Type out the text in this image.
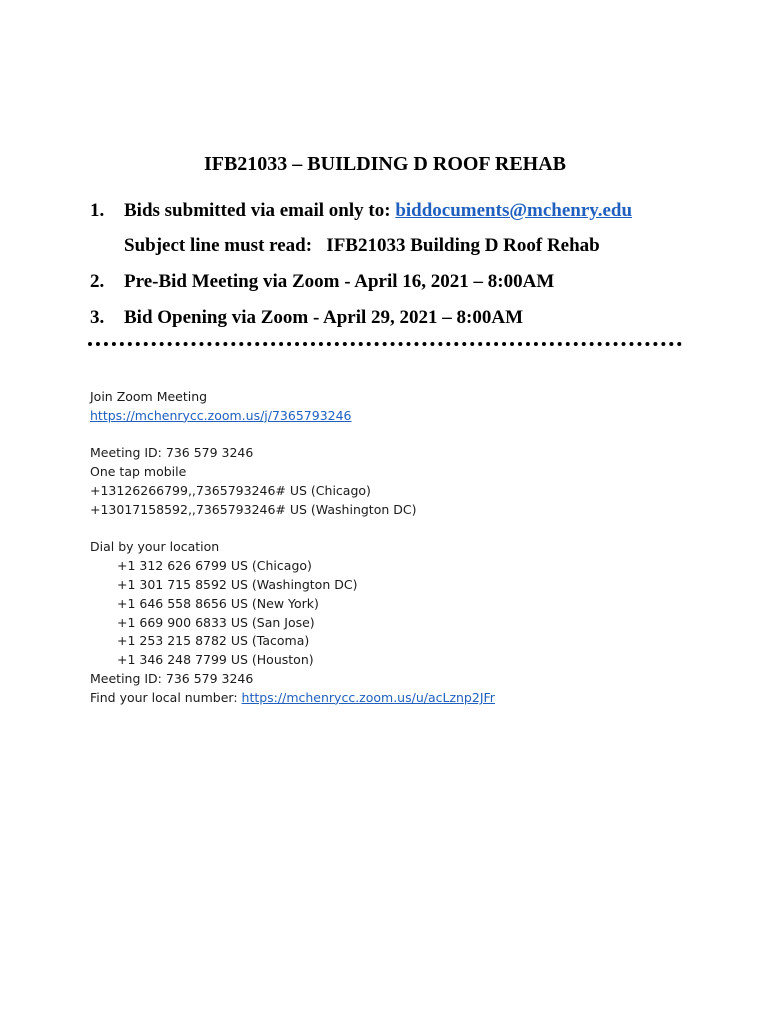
IFB21033 – BUILDING D ROOF REHAB
1.	Bids submitted via email only to: biddocuments@mchenry.edu
Subject line must read:   IFB21033 Building D Roof Rehab
2.	Pre-Bid Meeting via Zoom - April 16, 2021 – 8:00AM
3.	Bid Opening via Zoom - April 29, 2021 – 8:00AM
Join Zoom Meeting
https://mchenrycc.zoom.us/j/7365793246
Meeting ID: 736 579 3246
One tap mobile
+13126266799,,7365793246# US (Chicago)
+13017158592,,7365793246# US (Washington DC)
Dial by your location
+1 312 626 6799 US (Chicago)
+1 301 715 8592 US (Washington DC)
+1 646 558 8656 US (New York)
+1 669 900 6833 US (San Jose)
+1 253 215 8782 US (Tacoma)
+1 346 248 7799 US (Houston)
Meeting ID: 736 579 3246
Find your local number: https://mchenrycc.zoom.us/u/acLznp2JFr
